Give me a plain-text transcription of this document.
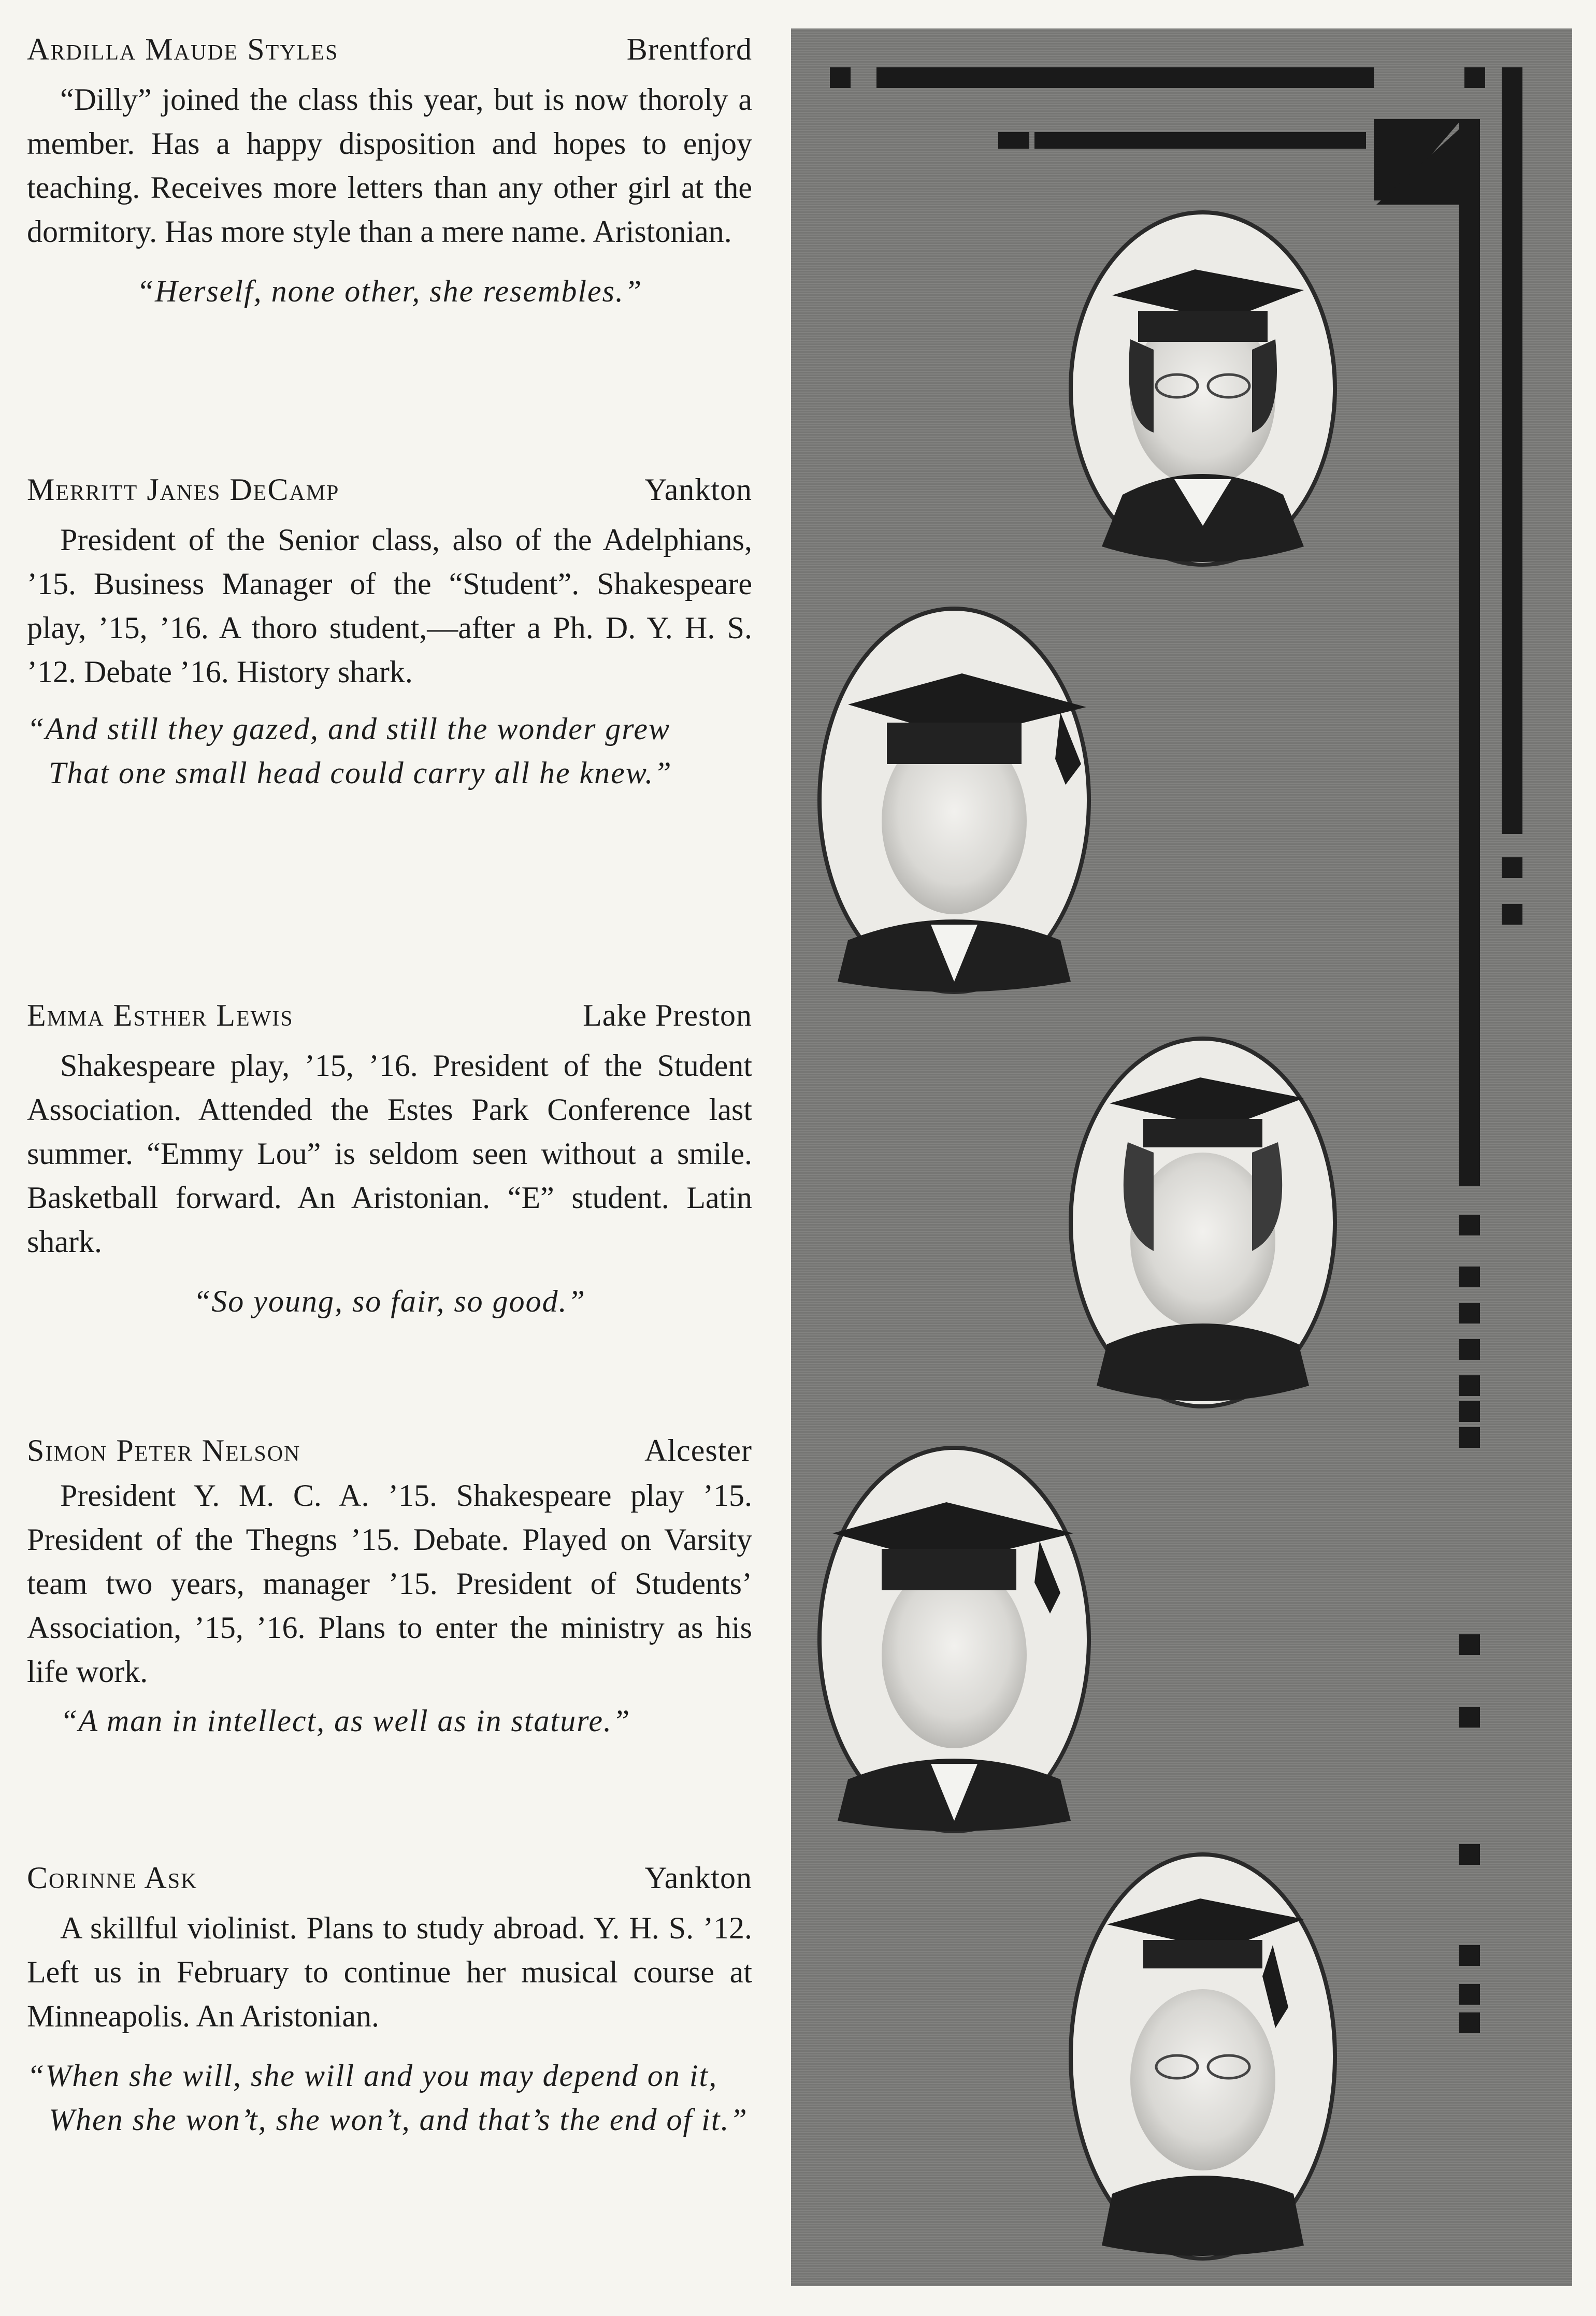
Ardilla Maude Styles	Brentford

“Dilly” joined the class this year, but is now thoroly a member. Has a happy disposition and hopes to enjoy teaching. Receives more letters than any other girl at the dormitory. Has more style than a mere name. Aristonian.

“Herself, none other, she resembles.”

Merritt Janes DeCamp	Yankton

President of the Senior class, also of the Adelphians, ’15. Business Manager of the “Student”. Shakespeare play, ’15, ’16. A thoro student,—after a Ph. D. Y. H. S. ’12. Debate ’16. History shark.

“And still they gazed, and still the wonder grew

That one small head could carry all he knew.”

Emma Esther Lewis	Lake Preston

Shakespeare play, ’15, ’16. President of the Student Association. Attended the Estes Park Conference last summer. “Emmy Lou” is seldom seen without a smile. Basketball forward. An Aristonian. “E” student. Latin shark.

“So young, so fair, so good.”

Simon Peter Nelson	Alcester

President Y. M. C. A. ’15. Shakespeare play ’15. President of the Thegns ’15. Debate. Played on Varsity team two years, manager ’15. President of Students’ Association, ’15, ’16. Plans to enter the ministry as his life work.

“A man in intellect, as well as in stature.”

Corinne Ask	Yankton

A skillful violinist. Plans to study abroad. Y. H. S. ’12. Left us in February to continue her musical course at Minneapolis. An Aristonian.

“When she will, she will and you may depend on it,

When she won’t, she won’t, and that’s the end of it.”
